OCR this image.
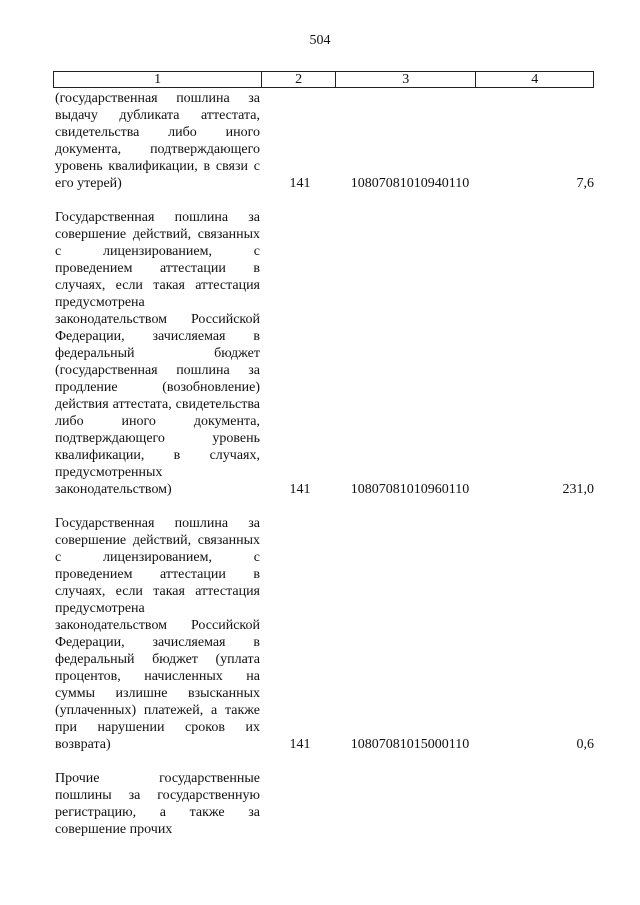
504
1	2	3	4
(государственная пошлина за выдачу дубликата аттестата, свидетельства либо иного документа, подтверждающего уровень квалификации, в связи с его утерей)	141	10807081010940110	7,6
Государственная пошлина за совершение действий, связанных с лицензированием, с проведением аттестации в случаях, если такая аттестация предусмотрена законодательством Российской Федерации, зачисляемая в федеральный бюджет (государственная пошлина за продление (возобновление) действия аттестата, свидетельства либо иного документа, подтверждающего уровень квалификации, в случаях, предусмотренных законодательством)	141	10807081010960110	231,0
Государственная пошлина за совершение действий, связанных с лицензированием, с проведением аттестации в случаях, если такая аттестация предусмотрена законодательством Российской Федерации, зачисляемая в федеральный бюджет (уплата процентов, начисленных на суммы излишне взысканных (уплаченных) платежей, а также при нарушении сроков их возврата)	141	10807081015000110	0,6
Прочие государственные пошлины за государственную регистрацию, а также за совершение прочих
